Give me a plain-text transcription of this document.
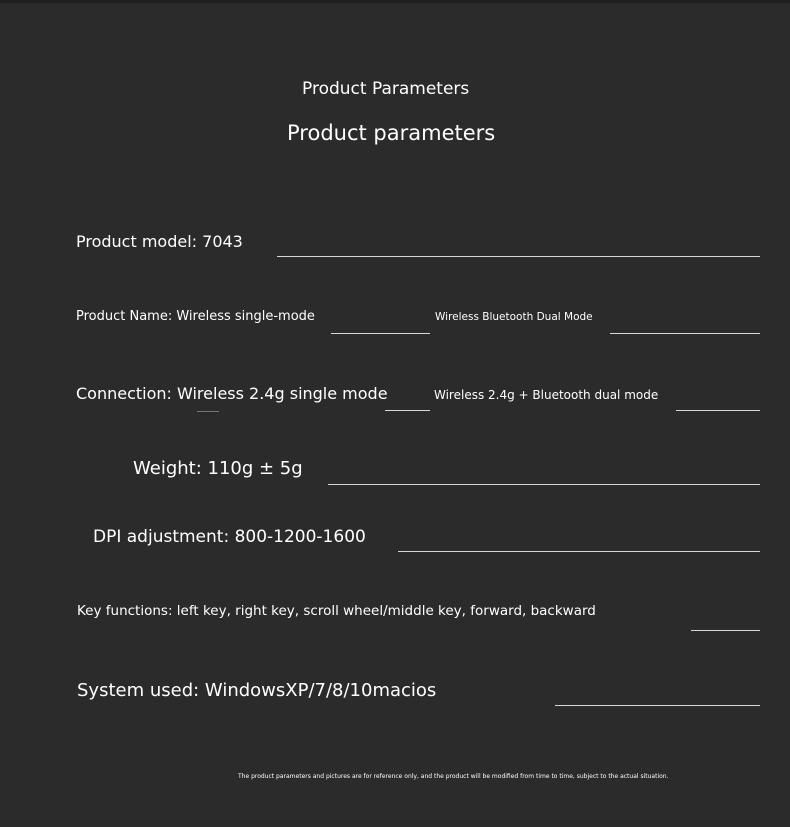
Product Parameters
Product parameters
Product model: 7043
Product Name: Wireless single-mode	Wireless Bluetooth Dual Mode
Connection: Wireless 2.4g single mode	Wireless 2.4g + Bluetooth dual mode
Weight: 110g ± 5g
DPI adjustment: 800-1200-1600
Key functions: left key, right key, scroll wheel/middle key, forward, backward
System used: WindowsXP/7/8/10macios
The product parameters and pictures are for reference only, and the product will be modified from time to time, subject to the actual situation.
